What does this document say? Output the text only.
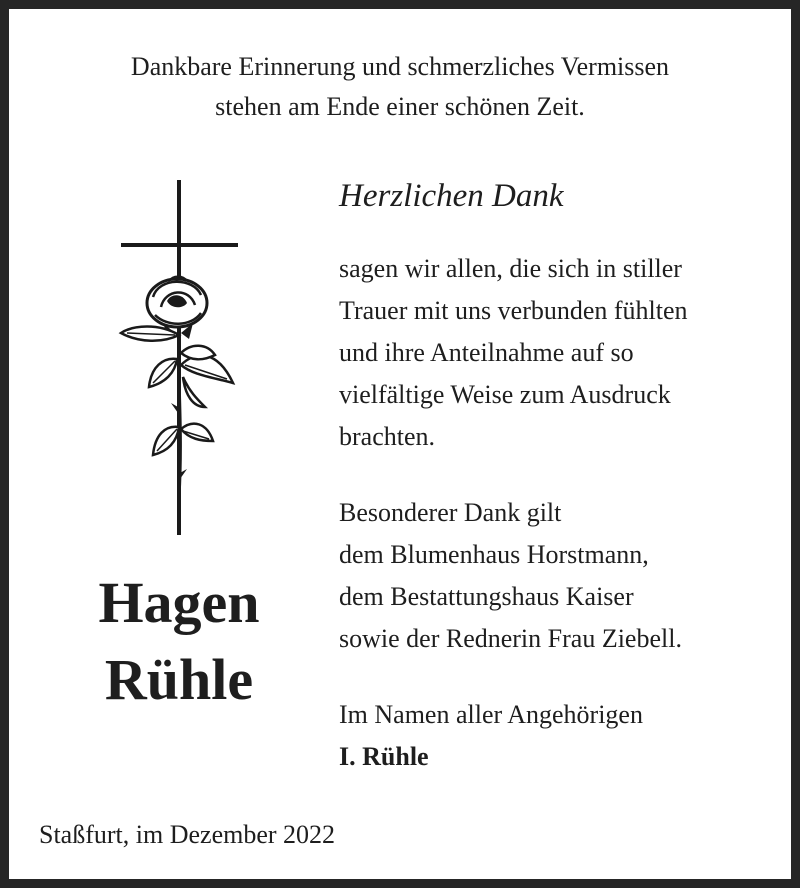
Dankbare Erinnerung und schmerzliches Vermissen
stehen am Ende einer schönen Zeit.
Herzlichen Dank
sagen wir allen, die sich in stiller
Trauer mit uns verbunden fühlten
und ihre Anteilnahme auf so
vielfältige Weise zum Ausdruck
brachten.
Besonderer Dank gilt
dem Blumenhaus Horstmann,
dem Bestattungshaus Kaiser
sowie der Rednerin Frau Ziebell.
Im Namen aller Angehörigen
I. Rühle
Hagen
Rühle
Staßfurt, im Dezember 2022
